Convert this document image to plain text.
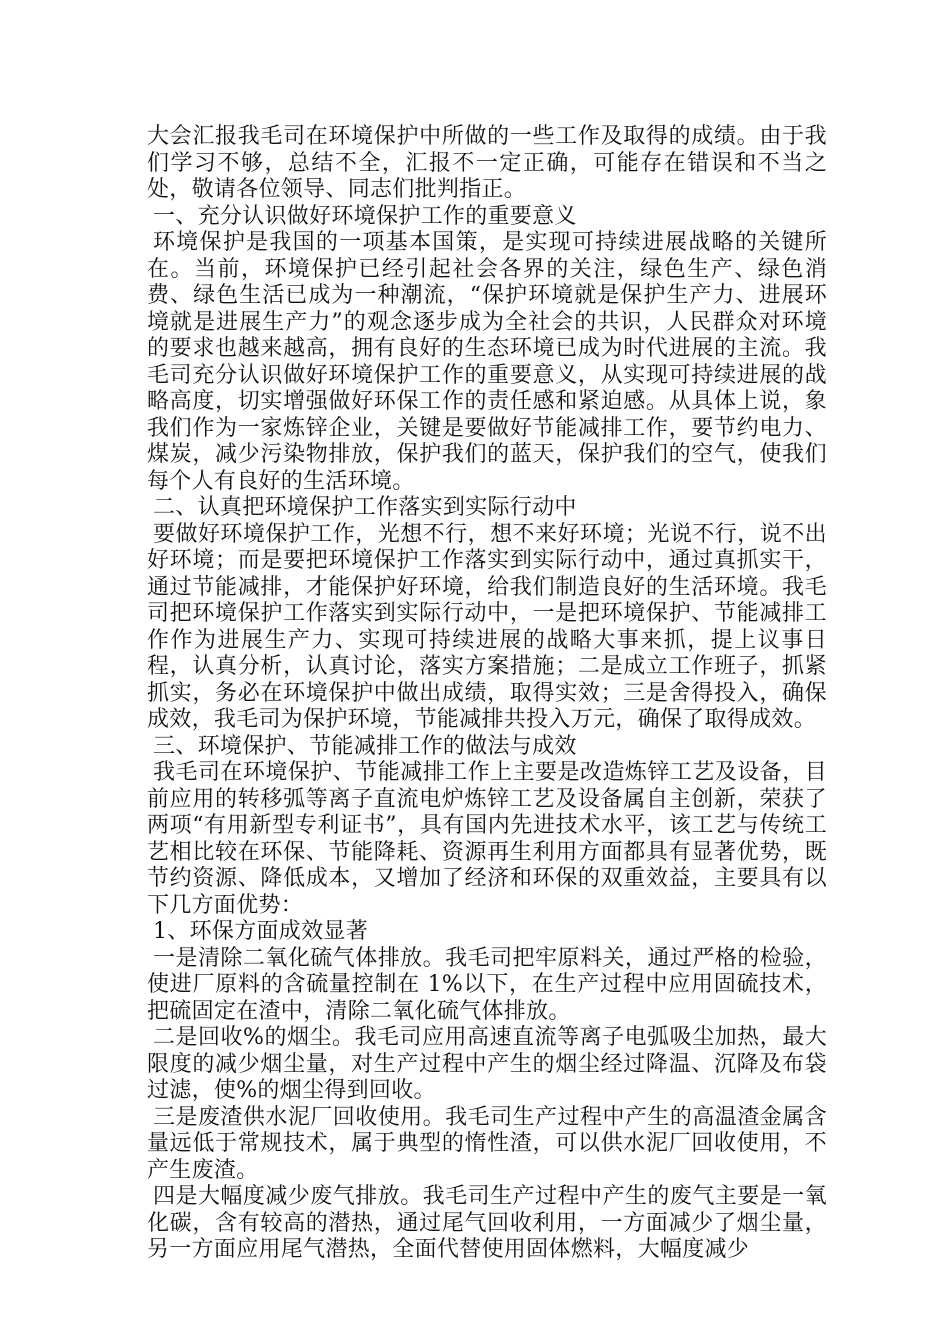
大会汇报我毛司在环境保护中所做的一些工作及取得的成绩。由于我们学习不够，总结不全，汇报不一定正确，可能存在错误和不当之处，敬请各位领导、同志们批判指正。

一、充分认识做好环境保护工作的重要意义

环境保护是我国的一项基本国策，是实现可持续进展战略的关键所在。当前，环境保护已经引起社会各界的关注，绿色生产、绿色消费、绿色生活已成为一种潮流，“保护环境就是保护生产力、进展环境就是进展生产力”的观念逐步成为全社会的共识，人民群众对环境的要求也越来越高，拥有良好的生态环境已成为时代进展的主流。我毛司充分认识做好环境保护工作的重要意义，从实现可持续进展的战略高度，切实增强做好环保工作的责任感和紧迫感。从具体上说，象我们作为一家炼锌企业，关键是要做好节能减排工作，要节约电力、煤炭，减少污染物排放，保护我们的蓝天，保护我们的空气，使我们每个人有良好的生活环境。

二、认真把环境保护工作落实到实际行动中

要做好环境保护工作，光想不行，想不来好环境；光说不行，说不出好环境；而是要把环境保护工作落实到实际行动中，通过真抓实干，通过节能减排，才能保护好环境，给我们制造良好的生活环境。我毛司把环境保护工作落实到实际行动中，一是把环境保护、节能减排工作作为进展生产力、实现可持续进展的战略大事来抓，提上议事日程，认真分析，认真讨论，落实方案措施；二是成立工作班子，抓紧抓实，务必在环境保护中做出成绩，取得实效；三是舍得投入，确保成效，我毛司为保护环境，节能减排共投入万元，确保了取得成效。

三、环境保护、节能减排工作的做法与成效

我毛司在环境保护、节能减排工作上主要是改造炼锌工艺及设备，目前应用的转移弧等离子直流电炉炼锌工艺及设备属自主创新，荣获了两项“有用新型专利证书”，具有国内先进技术水平，该工艺与传统工艺相比较在环保、节能降耗、资源再生利用方面都具有显著优势，既节约资源、降低成本，又增加了经济和环保的双重效益，主要具有以下几方面优势：

1、环保方面成效显著

一是清除二氧化硫气体排放。我毛司把牢原料关，通过严格的检验，使进厂原料的含硫量控制在 1%以下，在生产过程中应用固硫技术，把硫固定在渣中，清除二氧化硫气体排放。

二是回收%的烟尘。我毛司应用高速直流等离子电弧吸尘加热，最大限度的减少烟尘量，对生产过程中产生的烟尘经过降温、沉降及布袋过滤，使%的烟尘得到回收。

三是废渣供水泥厂回收使用。我毛司生产过程中产生的高温渣金属含量远低于常规技术，属于典型的惰性渣，可以供水泥厂回收使用，不产生废渣。

四是大幅度减少废气排放。我毛司生产过程中产生的废气主要是一氧化碳，含有较高的潜热，通过尾气回收利用，一方面减少了烟尘量，另一方面应用尾气潜热，全面代替使用固体燃料，大幅度减少
